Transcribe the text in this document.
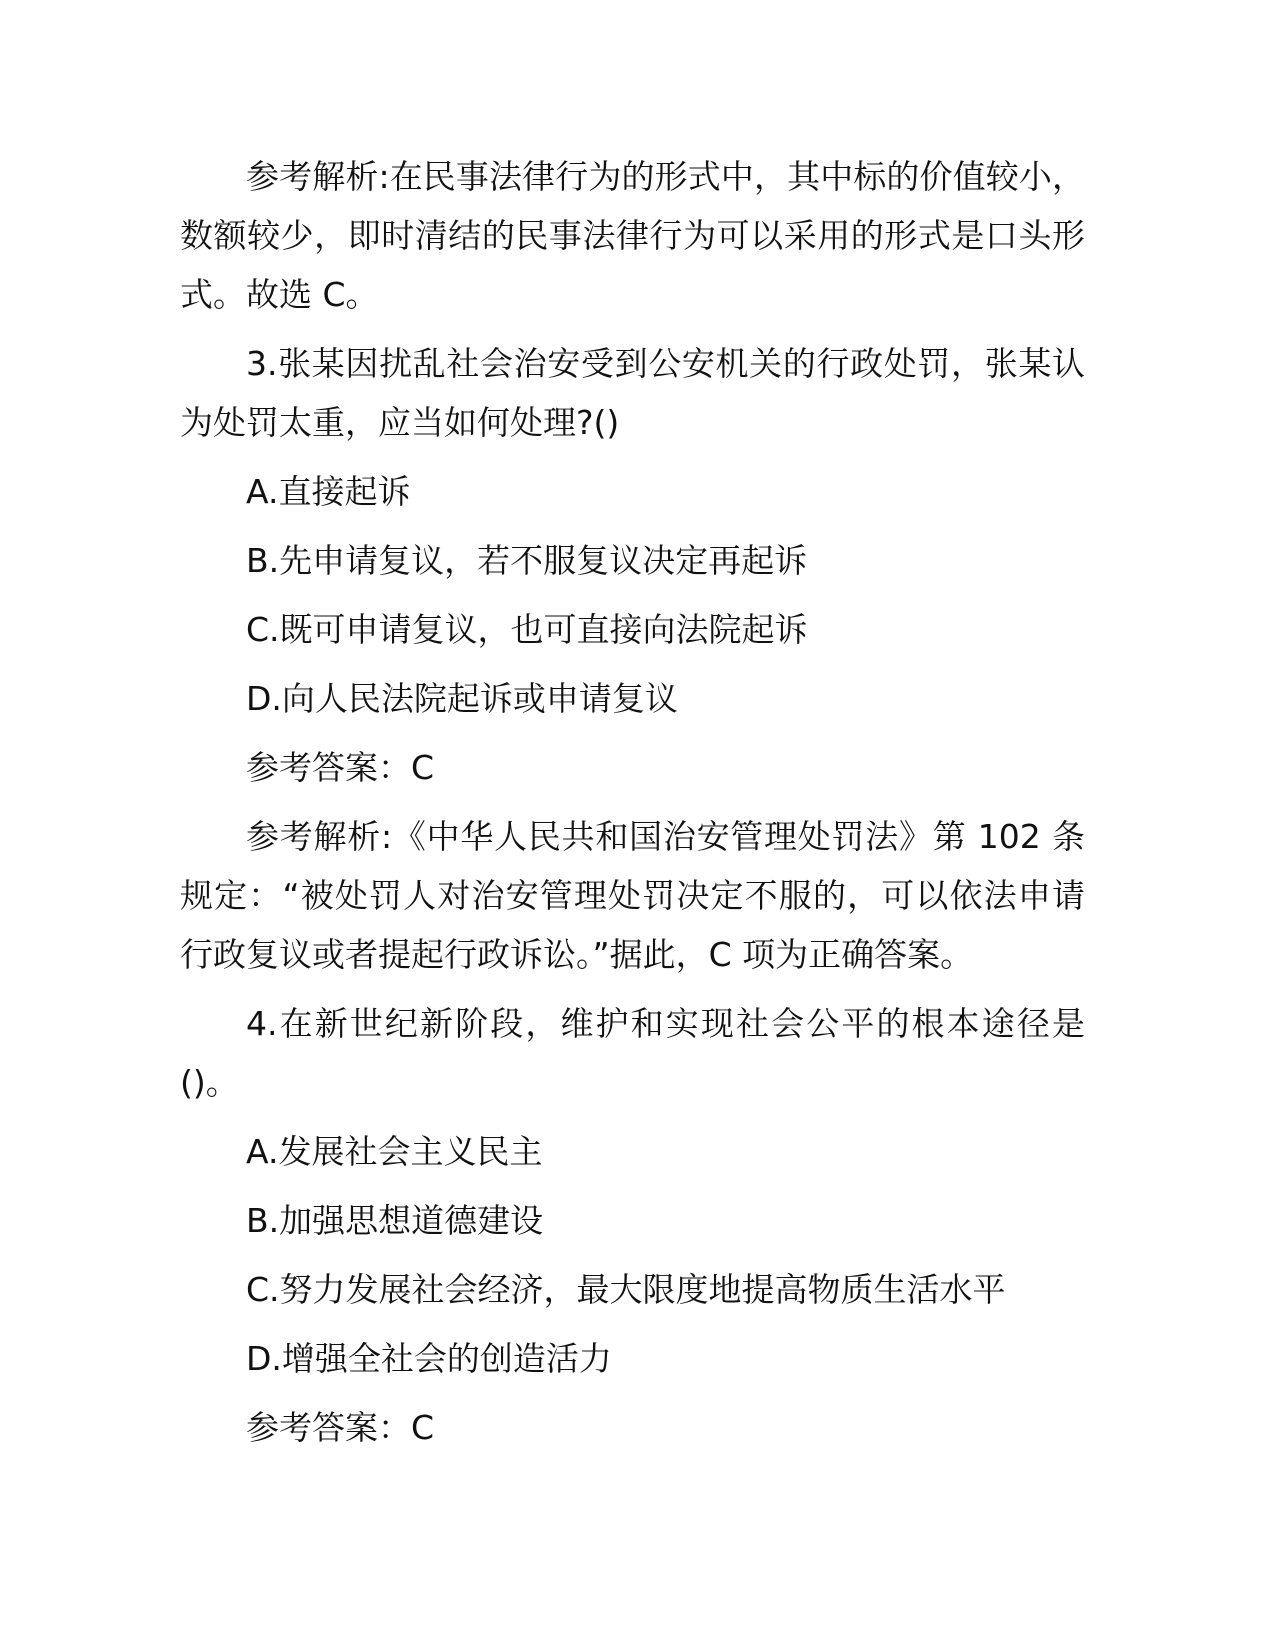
参考解析:在民事法律行为的形式中，其中标的价值较小，数额较少，即时清结的民事法律行为可以采用的形式是口头形式。故选 C。

3.张某因扰乱社会治安受到公安机关的行政处罚，张某认为处罚太重，应当如何处理?()

A.直接起诉

B.先申请复议，若不服复议决定再起诉

C.既可申请复议，也可直接向法院起诉

D.向人民法院起诉或申请复议

参考答案：C

参考解析:《中华人民共和国治安管理处罚法》第 102 条规定：“被处罚人对治安管理处罚决定不服的，可以依法申请行政复议或者提起行政诉讼。”据此，C 项为正确答案。

4.在新世纪新阶段，维护和实现社会公平的根本途径是()。

A.发展社会主义民主

B.加强思想道德建设

C.努力发展社会经济，最大限度地提高物质生活水平

D.增强全社会的创造活力

参考答案：C
